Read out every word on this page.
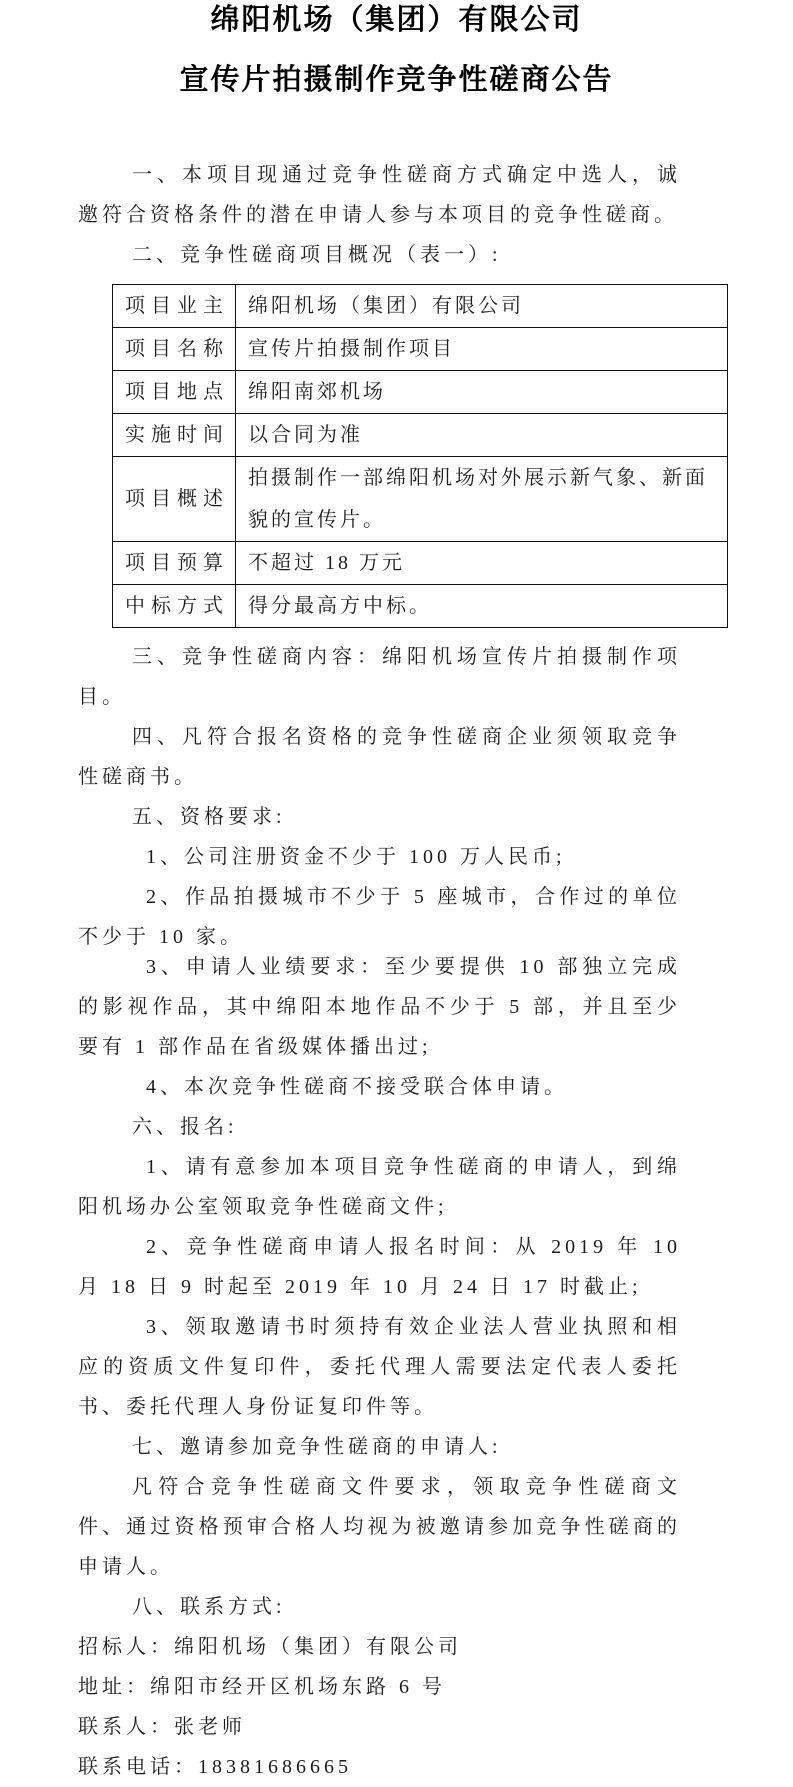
绵阳机场（集团）有限公司
宣传片拍摄制作竞争性磋商公告

一、本项目现通过竞争性磋商方式确定中选人，诚邀符合资格条件的潜在申请人参与本项目的竞争性磋商。

二、竞争性磋商项目概况（表一）:

项目业主	绵阳机场（集团）有限公司
项目名称	宣传片拍摄制作项目
项目地点	绵阳南郊机场
实施时间	以合同为准
项目概述	拍摄制作一部绵阳机场对外展示新气象、新面貌的宣传片。
项目预算	不超过 18 万元
中标方式	得分最高方中标。

三、竞争性磋商内容：绵阳机场宣传片拍摄制作项目。

四、凡符合报名资格的竞争性磋商企业须领取竞争性磋商书。

五、资格要求:

1、公司注册资金不少于 100 万人民币;

2、作品拍摄城市不少于 5 座城市，合作过的单位不少于 10 家。

3、申请人业绩要求：至少要提供 10 部独立完成的影视作品，其中绵阳本地作品不少于 5 部，并且至少要有 1 部作品在省级媒体播出过;

4、本次竞争性磋商不接受联合体申请。

六、报名:

1、请有意参加本项目竞争性磋商的申请人，到绵阳机场办公室领取竞争性磋商文件;

2、竞争性磋商申请人报名时间：从 2019 年 10 月 18 日 9 时起至 2019 年 10 月 24 日 17 时截止;

3、领取邀请书时须持有效企业法人营业执照和相应的资质文件复印件，委托代理人需要法定代表人委托书、委托代理人身份证复印件等。

七、邀请参加竞争性磋商的申请人:

凡符合竞争性磋商文件要求，领取竞争性磋商文件、通过资格预审合格人均视为被邀请参加竞争性磋商的申请人。

八、联系方式:

招标人：绵阳机场（集团）有限公司

地址：绵阳市经开区机场东路 6 号

联系人：张老师

联系电话：18381686665
